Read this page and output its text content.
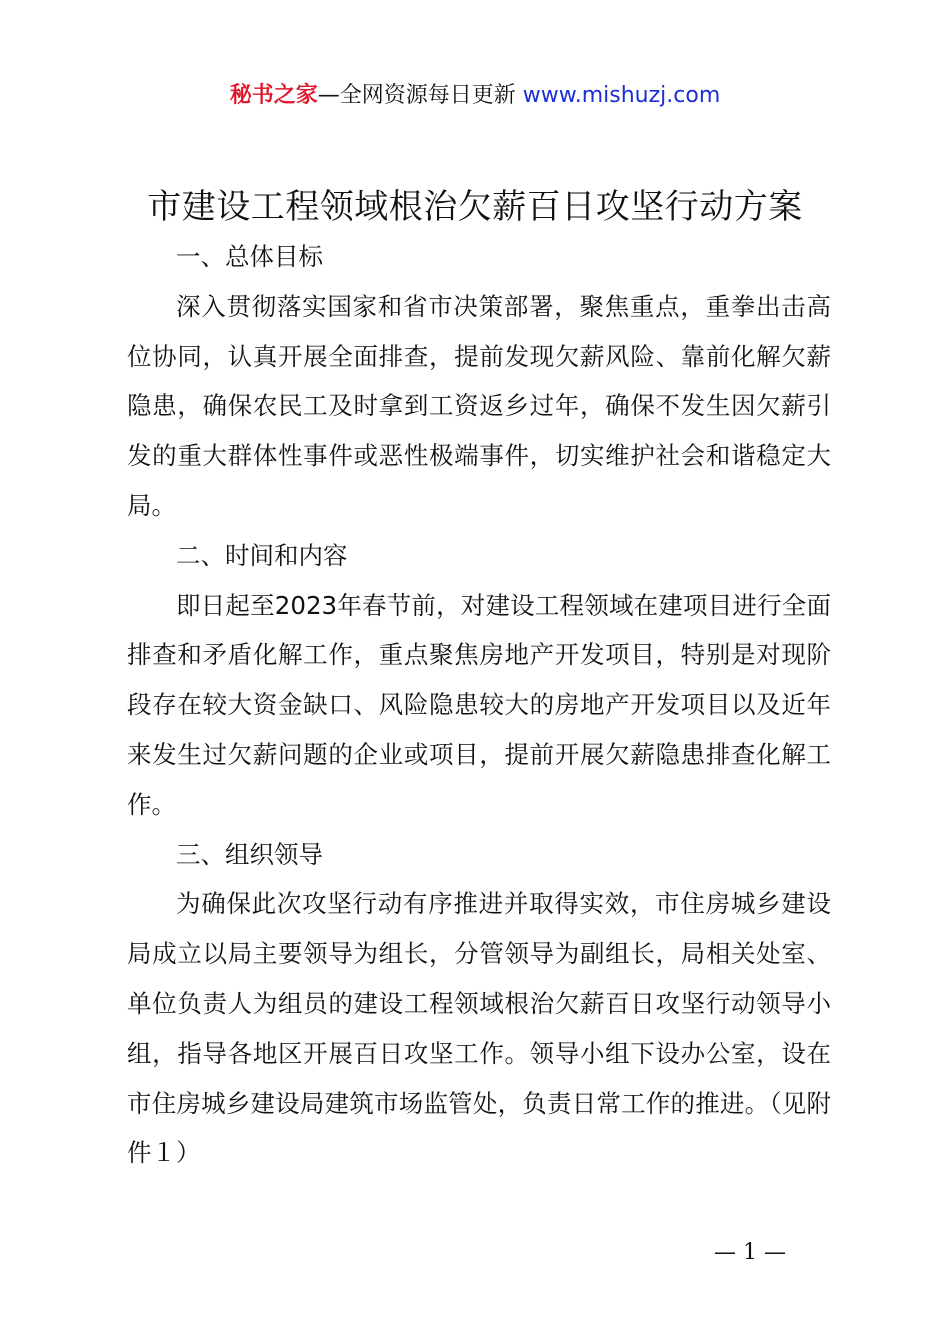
秘书之家—全网资源每日更新 www.mishuzj.com
市建设工程领域根治欠薪百日攻坚行动方案

一、总体目标

深入贯彻落实国家和省市决策部署，聚焦重点，重拳出击高位协同，认真开展全面排查，提前发现欠薪风险、靠前化解欠薪隐患，确保农民工及时拿到工资返乡过年，确保不发生因欠薪引发的重大群体性事件或恶性极端事件，切实维护社会和谐稳定大局。

二、时间和内容

即日起至2023年春节前，对建设工程领域在建项目进行全面排查和矛盾化解工作，重点聚焦房地产开发项目，特别是对现阶段存在较大资金缺口、风险隐患较大的房地产开发项目以及近年来发生过欠薪问题的企业或项目，提前开展欠薪隐患排查化解工作。

三、组织领导

为确保此次攻坚行动有序推进并取得实效，市住房城乡建设局成立以局主要领导为组长，分管领导为副组长，局相关处室、单位负责人为组员的建设工程领域根治欠薪百日攻坚行动领导小组，指导各地区开展百日攻坚工作。领导小组下设办公室，设在市住房城乡建设局建筑市场监管处，负责日常工作的推进。（见附件１）

— 1 —
